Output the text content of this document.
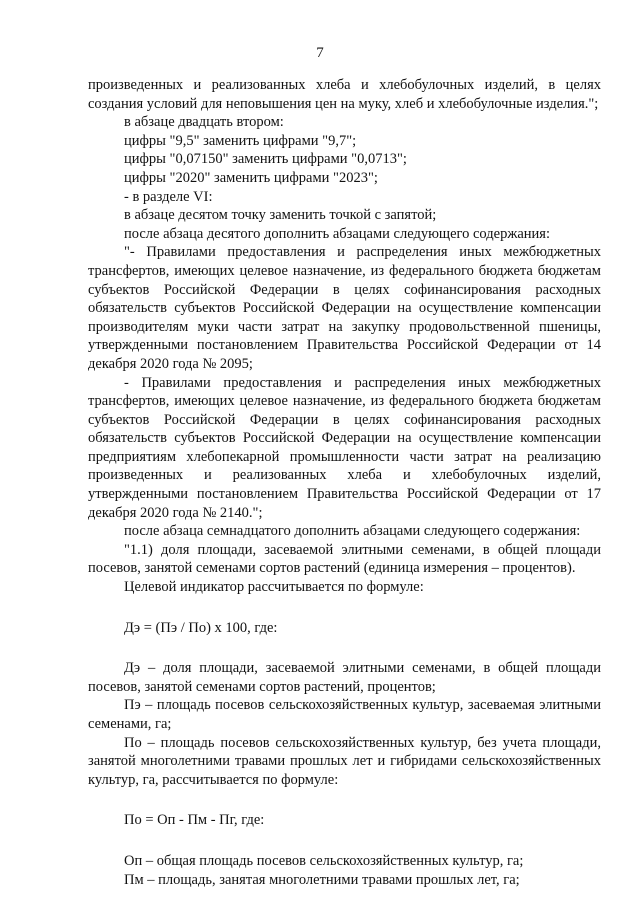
7

произведенных и реализованных хлеба и хлебобулочных изделий, в целях создания условий для неповышения цен на муку, хлеб и хлебобулочные изделия.";

в абзаце двадцать втором:

цифры "9,5" заменить цифрами "9,7";

цифры "0,07150" заменить цифрами "0,0713";

цифры "2020" заменить цифрами "2023";

- в разделе VI:

в абзаце десятом точку заменить точкой с запятой;

после абзаца десятого дополнить абзацами следующего содержания:

"- Правилами предоставления и распределения иных межбюджетных трансфертов, имеющих целевое назначение, из федерального бюджета бюджетам субъектов Российской Федерации в целях софинансирования расходных обязательств субъектов Российской Федерации на осуществление компенсации производителям муки части затрат на закупку продовольственной пшеницы, утвержденными постановлением Правительства Российской Федерации от 14 декабря 2020 года № 2095;

- Правилами предоставления и распределения иных межбюджетных трансфертов, имеющих целевое назначение, из федерального бюджета бюджетам субъектов Российской Федерации в целях софинансирования расходных обязательств субъектов Российской Федерации на осуществление компенсации предприятиям хлебопекарной промышленности части затрат на реализацию произведенных и реализованных хлеба и хлебобулочных изделий, утвержденными постановлением Правительства Российской Федерации от 17 декабря 2020 года № 2140.";

после абзаца семнадцатого дополнить абзацами следующего содержания:

"1.1) доля площади, засеваемой элитными семенами, в общей площади посевов, занятой семенами сортов растений (единица измерения – процентов).

Целевой индикатор рассчитывается по формуле:

Дэ = (Пэ / По) х 100, где:

Дэ – доля площади, засеваемой элитными семенами, в общей площади посевов, занятой семенами сортов растений, процентов;

Пэ – площадь посевов сельскохозяйственных культур, засеваемая элитными семенами, га;

По – площадь посевов сельскохозяйственных культур, без учета площади, занятой многолетними травами прошлых лет и гибридами сельскохозяйственных культур, га, рассчитывается по формуле:

По = Оп - Пм - Пг, где:

Оп – общая площадь посевов сельскохозяйственных культур, га;

Пм – площадь, занятая многолетними травами прошлых лет, га;
